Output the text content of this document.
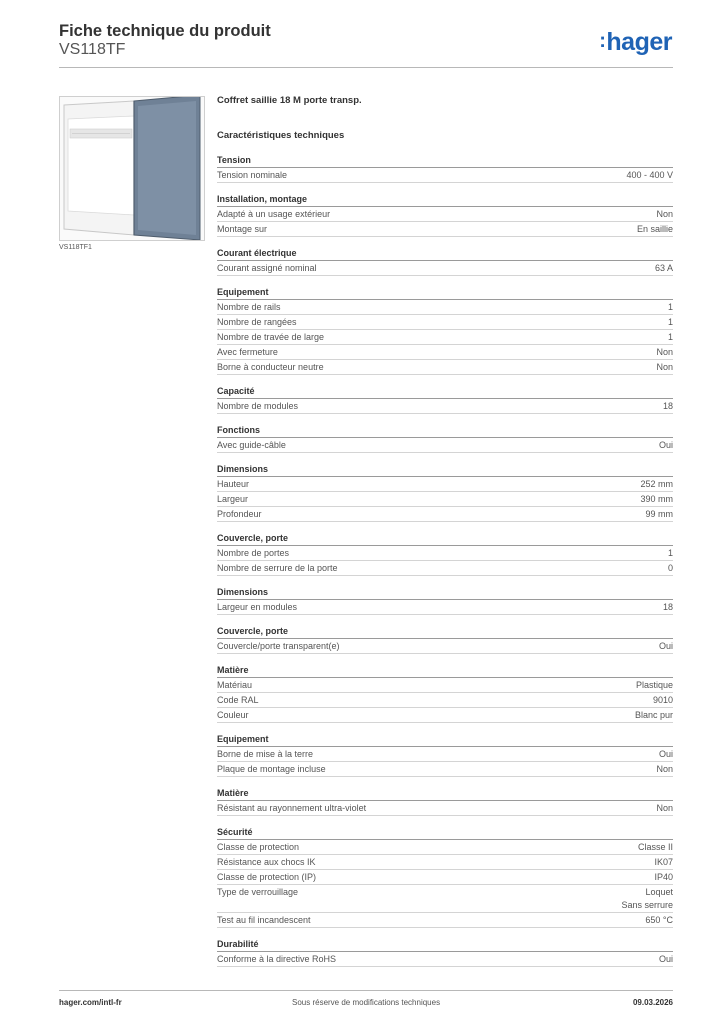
Fiche technique du produit
VS118TF	:hager
VS118TF1
Coffret saillie 18 M porte transp.
Caractéristiques techniques
Tension
Tension nominale	400 - 400 V
Installation, montage
Adapté à un usage extérieur	Non
Montage sur	En saillie
Courant électrique
Courant assigné nominal	63 A
Equipement
Nombre de rails	1
Nombre de rangées	1
Nombre de travée de large	1
Avec fermeture	Non
Borne à conducteur neutre	Non
Capacité
Nombre de modules	18
Fonctions
Avec guide-câble	Oui
Dimensions
Hauteur	252 mm
Largeur	390 mm
Profondeur	99 mm
Couvercle, porte
Nombre de portes	1
Nombre de serrure de la porte	0
Dimensions
Largeur en modules	18
Couvercle, porte
Couvercle/porte transparent(e)	Oui
Matière
Matériau	Plastique
Code RAL	9010
Couleur	Blanc pur
Equipement
Borne de mise à la terre	Oui
Plaque de montage incluse	Non
Matière
Résistant au rayonnement ultra-violet	Non
Sécurité
Classe de protection	Classe II
Résistance aux chocs IK	IK07
Classe de protection (IP)	IP40
Type de verrouillage	Loquet
Sans serrure
Test au fil incandescent	650 °C
Durabilité
Conforme à la directive RoHS	Oui
hager.com/intl-fr	Sous réserve de modifications techniques	09.03.2026
